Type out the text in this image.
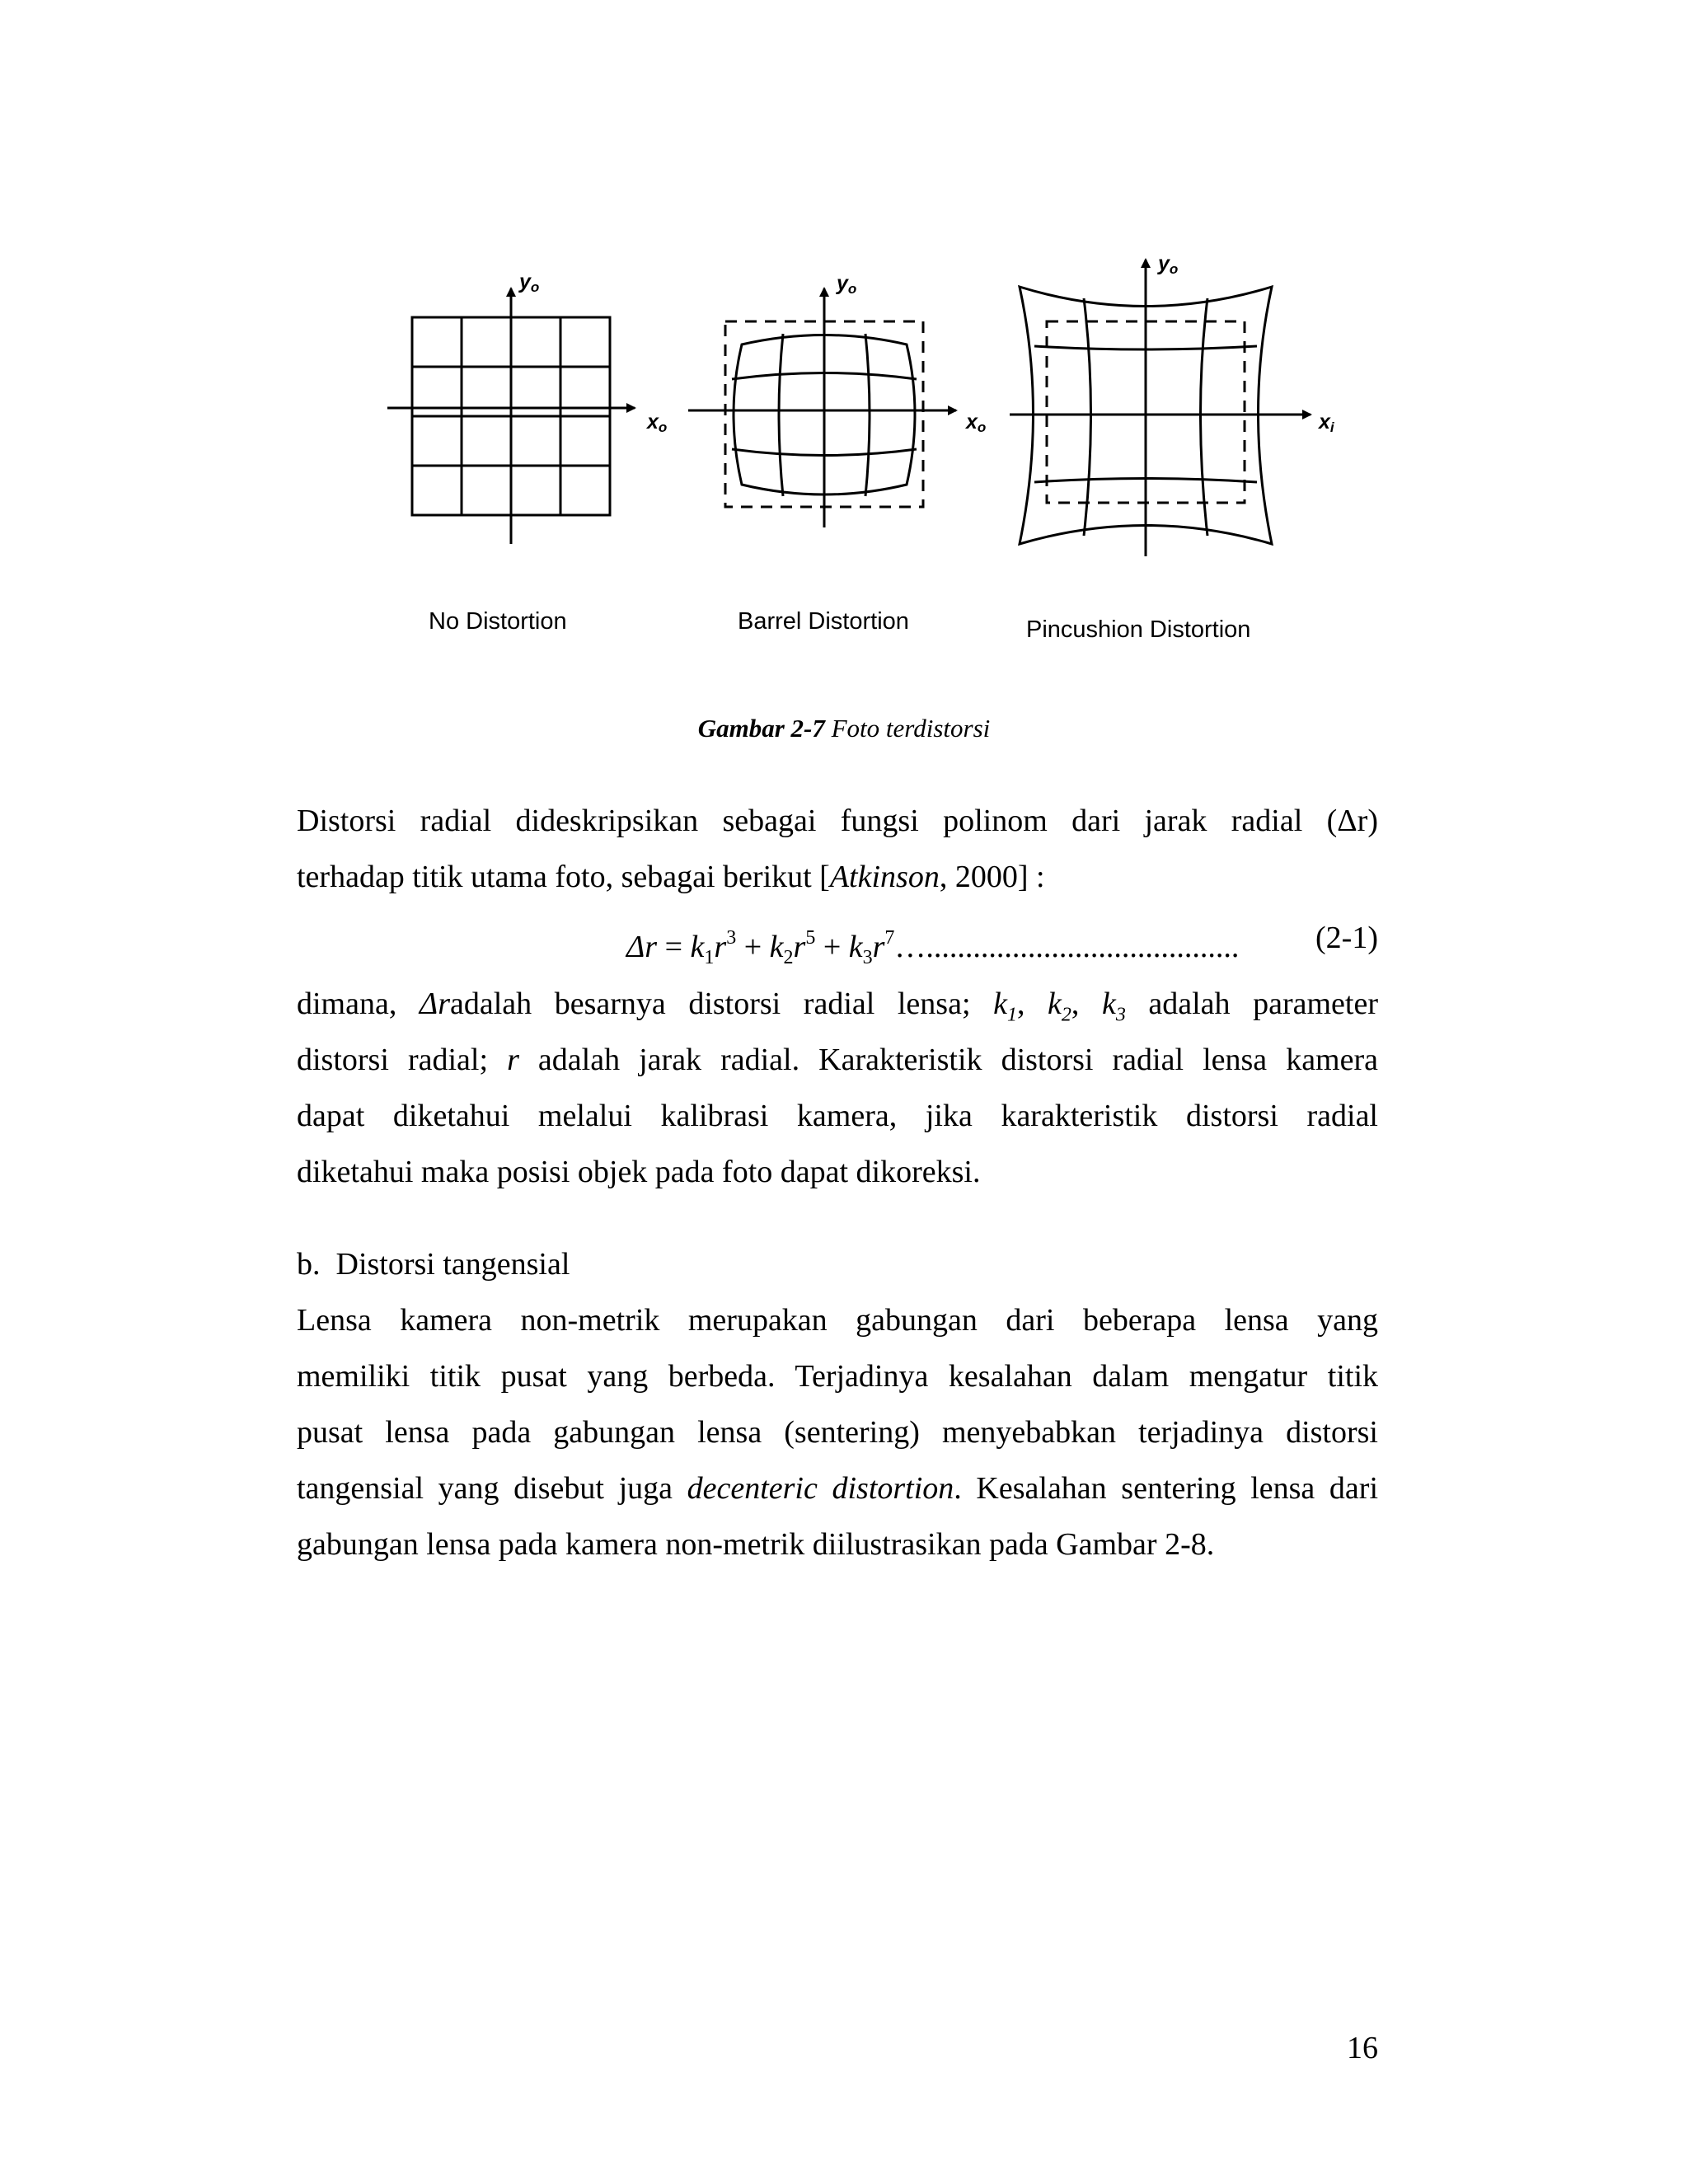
$y_o$
$x_o$
$y_o$
$x_o$
$y_o$
$x_i$
No Distortion	Barrel Distortion	Pincushion Distortion
Gambar 2-7 Foto terdistorsi
Distorsi radial dideskripsikan sebagai fungsi polinom dari jarak radial (Δr)
terhadap titik utama foto, sebagai berikut [Atkinson, 2000] :
$\Delta r = k_1r^3 + k_2r^5$ + $k_3r^7\dots$........................................ (2-1)
dimana, Δradalah besarnya distorsi radial lensa; $k_1$, $k_2$, $k_3$ adalah parameter
distorsi radial; r adalah jarak radial. Karakteristik distorsi radial lensa kamera
dapat diketahui melalui kalibrasi kamera, jika karakteristik distorsi radial
diketahui maka posisi objek pada foto dapat dikoreksi.
b. Distorsi tangensial
Lensa kamera non-metrik merupakan gabungan dari beberapa lensa yang
memiliki titik pusat yang berbeda. Terjadinya kesalahan dalam mengatur titik
pusat lensa pada gabungan lensa (sentering) menyebabkan terjadinya distorsi
tangensial yang disebut juga decenteric distortion. Kesalahan sentering lensa dari
gabungan lensa pada kamera non-metrik diilustrasikan pada Gambar 2-8.
16
